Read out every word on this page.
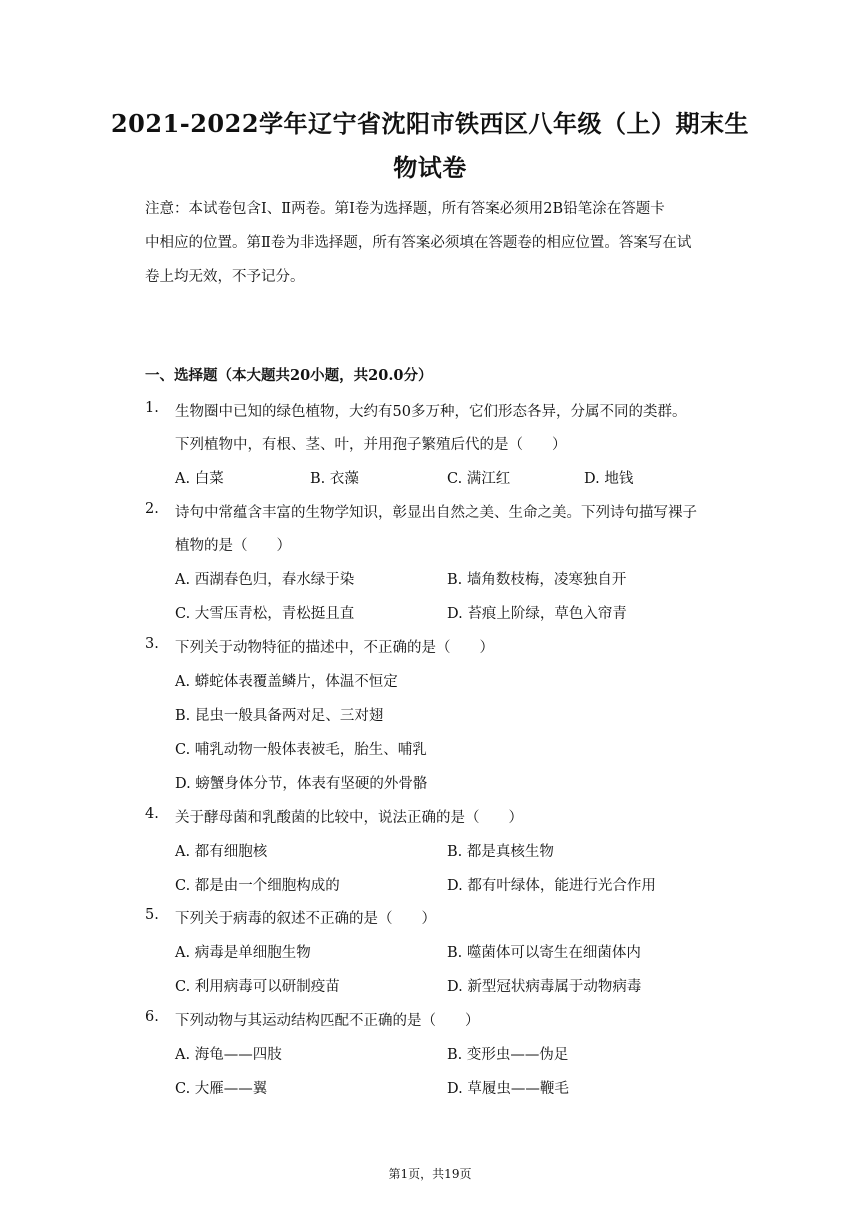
2021-2022学年辽宁省沈阳市铁西区八年级（上）期末生
物试卷
注意：本试卷包含Ⅰ、Ⅱ两卷。第Ⅰ卷为选择题，所有答案必须用2B铅笔涂在答题卡
中相应的位置。第Ⅱ卷为非选择题，所有答案必须填在答题卷的相应位置。答案写在试
卷上均无效，不予记分。
一、选择题（本大题共20小题，共20.0分）
1. 生物圈中已知的绿色植物，大约有50多万种，它们形态各异，分属不同的类群。
下列植物中，有根、茎、叶，并用孢子繁殖后代的是（　　）
A. 白菜	B. 衣藻	C. 满江红	D. 地钱
2. 诗句中常蕴含丰富的生物学知识，彰显出自然之美、生命之美。下列诗句描写裸子
植物的是（　　）
A. 西湖春色归，春水绿于染	B. 墙角数枝梅，凌寒独自开
C. 大雪压青松，青松挺且直	D. 苔痕上阶绿，草色入帘青
3. 下列关于动物特征的描述中，不正确的是（　　）
A. 蟒蛇体表覆盖鳞片，体温不恒定
B. 昆虫一般具备两对足、三对翅
C. 哺乳动物一般体表被毛，胎生、哺乳
D. 螃蟹身体分节，体表有坚硬的外骨骼
4. 关于酵母菌和乳酸菌的比较中，说法正确的是（　　）
A. 都有细胞核	B. 都是真核生物
C. 都是由一个细胞构成的	D. 都有叶绿体，能进行光合作用
5. 下列关于病毒的叙述不正确的是（　　）
A. 病毒是单细胞生物	B. 噬菌体可以寄生在细菌体内
C. 利用病毒可以研制疫苗	D. 新型冠状病毒属于动物病毒
6. 下列动物与其运动结构匹配不正确的是（　　）
A. 海龟——四肢	B. 变形虫——伪足
C. 大雁——翼	D. 草履虫——鞭毛
第1页，共19页
